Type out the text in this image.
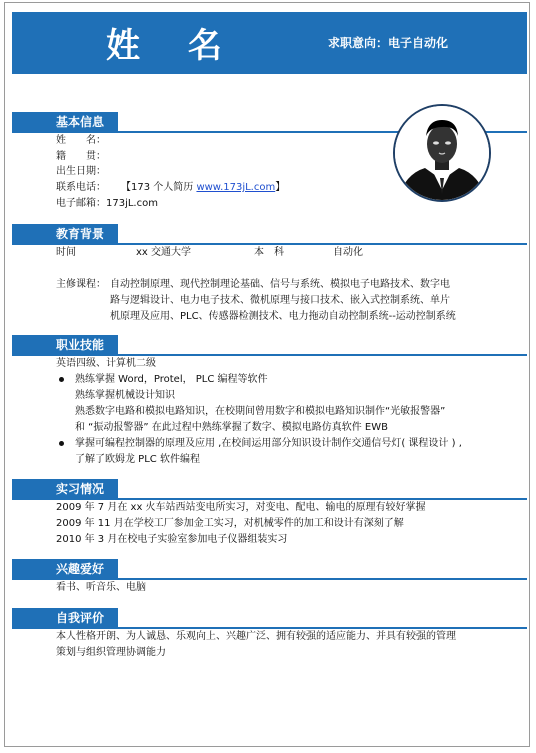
姓 名	求职意向：电子自动化
基本信息
姓　　名：
籍　　贯：
出生日期：
联系电话： 【173 个人简历 www.173jL.com】
电子邮箱：173jL.com
教育背景
时间	xx 交通大学	本　科	自动化
主修课程： 自动控制原理、现代控制理论基础、信号与系统、模拟电子电路技术、数字电
路与逻辑设计、电力电子技术、微机原理与接口技术、嵌入式控制系统、单片
机原理及应用、PLC、传感器检测技术、电力拖动自动控制系统--运动控制系统
职业技能
英语四级、计算机二级
熟练掌握 Word，Protel， PLC 编程等软件
熟练掌握机械设计知识
熟悉数字电路和模拟电路知识，在校期间曾用数字和模拟电路知识制作“光敏报警器”
和 “振动报警器” 在此过程中熟练掌握了数字、模拟电路仿真软件 EWB
掌握可编程控制器的原理及应用 ,在校间运用部分知识设计制作交通信号灯( 课程设计 ) ,
了解了欧姆龙 PLC 软件编程
实习情况
2009 年 7 月在 xx 火车站西站变电所实习，对变电、配电、输电的原理有较好掌握
2009 年 11 月在学校工厂参加金工实习，对机械零件的加工和设计有深刻了解
2010 年 3 月在校电子实验室参加电子仪器组装实习
兴趣爱好
看书、听音乐、电脑
自我评价
本人性格开朗、为人诚恳、乐观向上、兴趣广泛、拥有较强的适应能力、并具有较强的管理
策划与组织管理协调能力
